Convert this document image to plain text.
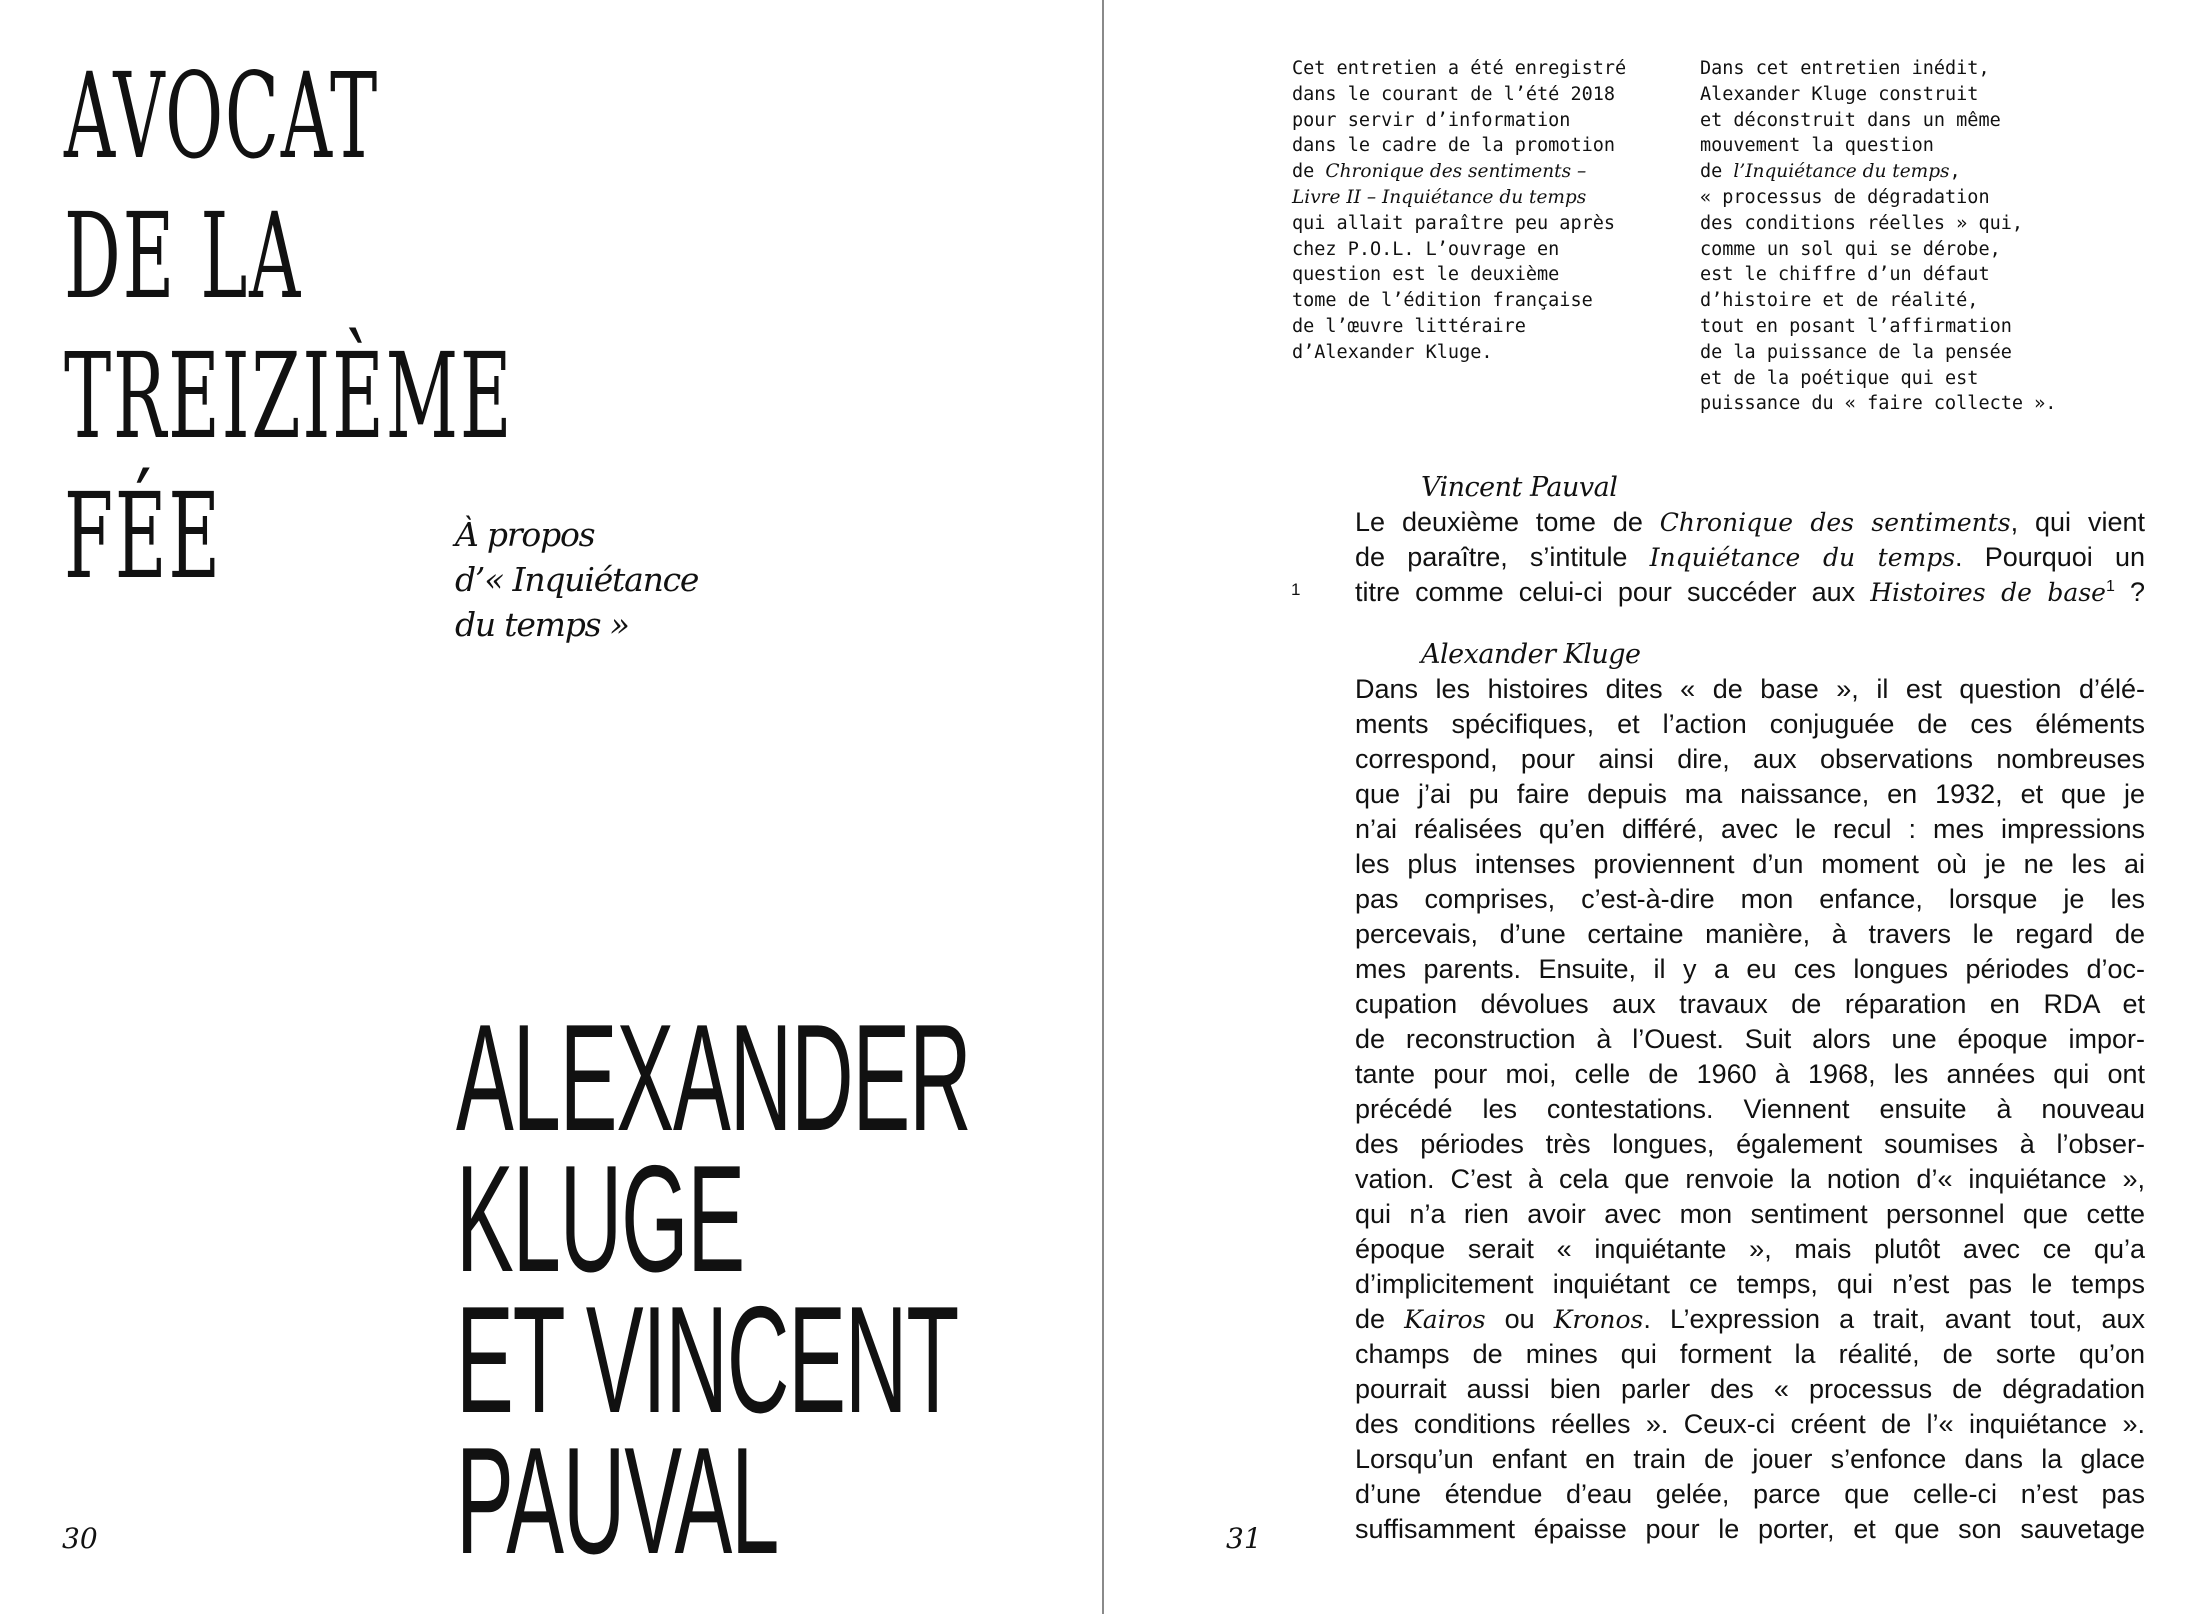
AVOCAT
DE LA
TREIZIÈME
FÉE	À propos
d’« Inquiétance
du temps »
ALEXANDER
KLUGE
ET VINCENT
PAUVAL
30
Cet entretien a été enregistré
dans le courant de l’été 2018
pour servir d’information
dans le cadre de la promotion
de Chronique des sentiments –
Livre II – Inquiétance du temps
qui allait paraître peu après
chez P.O.L. L’ouvrage en
question est le deuxième
tome de l’édition française
de l’œuvre littéraire
d’Alexander Kluge.
Dans cet entretien inédit,
Alexander Kluge construit
et déconstruit dans un même
mouvement la question
de l’Inquiétance du temps,
« processus de dégradation
des conditions réelles » qui,
comme un sol qui se dérobe,
est le chiffre d’un défaut
d’histoire et de réalité,
tout en posant l’affirmation
de la puissance de la pensée
et de la poétique qui est
puissance du « faire collecte ».
1
Vincent Pauval
Le deuxième tome de Chronique des sentiments, qui vient
de paraître, s’intitule Inquiétance du temps. Pourquoi un
titre comme celui-ci pour succéder aux Histoires de base$^1$ ?
Alexander Kluge
Dans les histoires dites « de base », il est question d’élé-
ments spécifiques, et l’action conjuguée de ces éléments
correspond, pour ainsi dire, aux observations nombreuses
que j’ai pu faire depuis ma naissance, en 1932, et que je
n’ai réalisées qu’en différé, avec le recul : mes impressions
les plus intenses proviennent d’un moment où je ne les ai
pas comprises, c’est-à-dire mon enfance, lorsque je les
percevais, d’une certaine manière, à travers le regard de
mes parents. Ensuite, il y a eu ces longues périodes d’oc-
cupation dévolues aux travaux de réparation en RDA et
de reconstruction à l’Ouest. Suit alors une époque impor-
tante pour moi, celle de 1960 à 1968, les années qui ont
précédé les contestations. Viennent ensuite à nouveau
des périodes très longues, également soumises à l’obser-
vation. C’est à cela que renvoie la notion d’« inquiétance »,
qui n’a rien avoir avec mon sentiment personnel que cette
époque serait « inquiétante », mais plutôt avec ce qu’a
d’implicitement inquiétant ce temps, qui n’est pas le temps
de Kairos ou Kronos. L’expression a trait, avant tout, aux
champs de mines qui forment la réalité, de sorte qu’on
pourrait aussi bien parler des « processus de dégradation
des conditions réelles ». Ceux-ci créent de l’« inquiétance ».
Lorsqu’un enfant en train de jouer s’enfonce dans la glace
d’une étendue d’eau gelée, parce que celle-ci n’est pas
suffisamment épaisse pour le porter, et que son sauvetage
31
